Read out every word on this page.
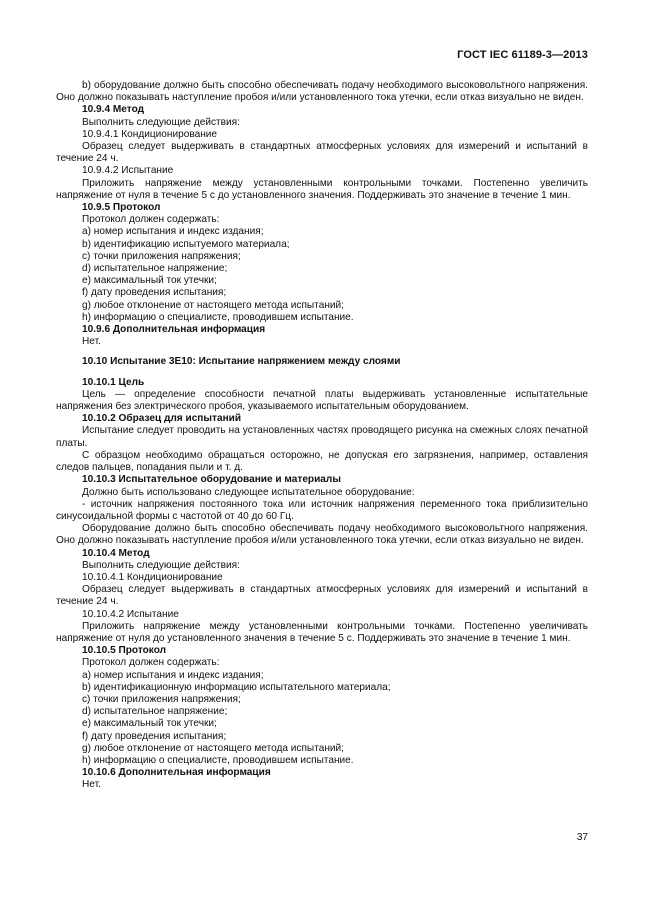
ГОСТ IEC 61189-3—2013

b) оборудование должно быть способно обеспечивать подачу необходимого высоковольтного напряжения. Оно должно показывать наступление пробоя и/или установленного тока утечки, если отказ визуально не виден.

10.9.4 Метод

Выполнить следующие действия:

10.9.4.1 Кондиционирование

Образец следует выдерживать в стандартных атмосферных условиях для измерений и испытаний в течение 24 ч.

10.9.4.2 Испытание

Приложить напряжение между установленными контрольными точками. Постепенно увеличить напряжение от нуля в течение 5 с до установленного значения. Поддерживать это значение в течение 1 мин.

10.9.5 Протокол

Протокол должен содержать:

a) номер испытания и индекс издания;

b) идентификацию испытуемого материала;

c) точки приложения напряжения;

d) испытательное напряжение;

e) максимальный ток утечки;

f) дату проведения испытания;

g) любое отклонение от настоящего метода испытаний;

h) информацию о специалисте, проводившем испытание.

10.9.6 Дополнительная информация

Нет.

10.10 Испытание 3E10: Испытание напряжением между слоями

10.10.1 Цель

Цель — определение способности печатной платы выдерживать установленные испытательные напряжения без электрического пробоя, указываемого испытательным оборудованием.

10.10.2 Образец для испытаний

Испытание следует проводить на установленных частях проводящего рисунка на смежных слоях печатной платы.

С образцом необходимо обращаться осторожно, не допуская его загрязнения, например, оставления следов пальцев, попадания пыли и т. д.

10.10.3 Испытательное оборудование и материалы

Должно быть использовано следующее испытательное оборудование:

- источник напряжения постоянного тока или источник напряжения переменного тока приблизительно синусоидальной формы с частотой от 40 до 60 Гц.

Оборудование должно быть способно обеспечивать подачу необходимого высоковольтного напряжения. Оно должно показывать наступление пробоя и/или установленного тока утечки, если отказ визуально не виден.

10.10.4 Метод

Выполнить следующие действия:

10.10.4.1 Кондиционирование

Образец следует выдерживать в стандартных атмосферных условиях для измерений и испытаний в течение 24 ч.

10.10.4.2 Испытание

Приложить напряжение между установленными контрольными точками. Постепенно увеличивать напряжение от нуля до установленного значения в течение 5 с. Поддерживать это значение в течение 1 мин.

10.10.5 Протокол

Протокол должен содержать:

a) номер испытания и индекс издания;

b) идентификационную информацию испытательного материала;

c) точки приложения напряжения;

d) испытательное напряжение;

e) максимальный ток утечки;

f) дату проведения испытания;

g) любое отклонение от настоящего метода испытаний;

h) информацию о специалисте, проводившем испытание.

10.10.6 Дополнительная информация

Нет.

37
